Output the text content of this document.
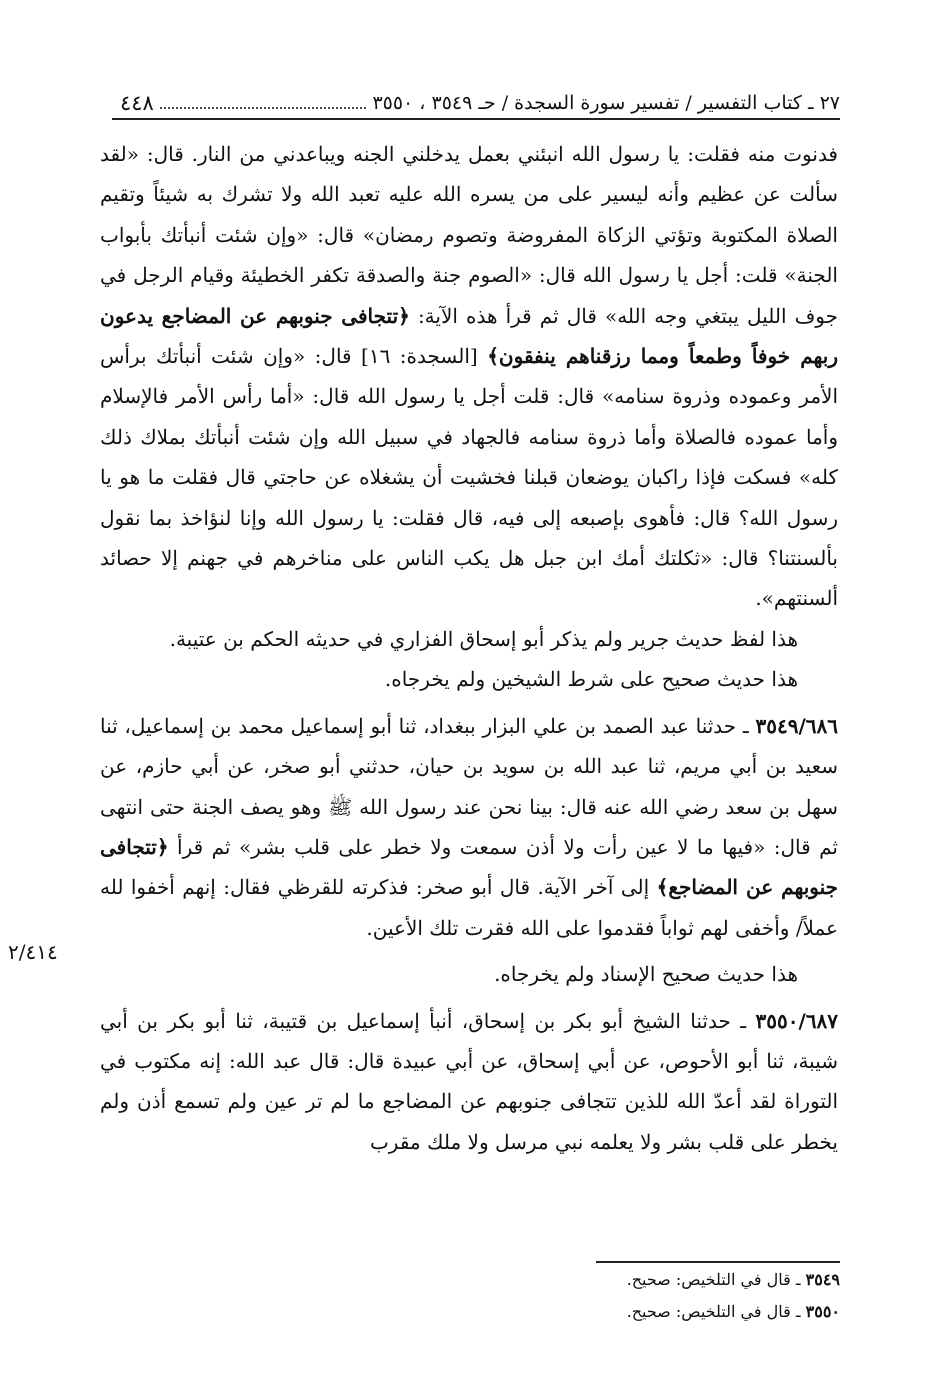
٢٧ ـ كتاب التفسير / تفسير سورة السجدة / حـ ٣٥٤٩ ، ٣٥٥٠
٤٤٨

فدنوت منه فقلت: يا رسول الله انبئني بعمل يدخلني الجنه ويباعدني من النار. قال: «لقد سألت عن عظيم وأنه ليسير على من يسره الله عليه تعبد الله ولا تشرك به شيئاً وتقيم الصلاة المكتوبة وتؤتي الزكاة المفروضة وتصوم رمضان» قال: «وإن شئت أنبأتك بأبواب الجنة» قلت: أجل يا رسول الله قال: «الصوم جنة والصدقة تكفر الخطيئة وقيام الرجل في جوف الليل يبتغي وجه الله» قال ثم قرأ هذه الآية: ﴿تتجافى جنوبهم عن المضاجع يدعون ربهم خوفاً وطمعاً ومما رزقناهم ينفقون﴾ [السجدة: ١٦] قال: «وإن شئت أنبأتك برأس الأمر وعموده وذروة سنامه» قال: قلت أجل يا رسول الله قال: «أما رأس الأمر فالإسلام وأما عموده فالصلاة وأما ذروة سنامه فالجهاد في سبيل الله وإن شئت أنبأتك بملاك ذلك كله» فسكت فإذا راكبان يوضعان قبلنا فخشيت أن يشغلاه عن حاجتي قال فقلت ما هو يا رسول الله؟ قال: فأهوى بإصبعه إلى فيه، قال فقلت: يا رسول الله وإنا لنؤاخذ بما نقول بألسنتنا؟ قال: «ثكلتك أمك ابن جبل هل يكب الناس على مناخرهم في جهنم إلا حصائد ألسنتهم».

هذا لفظ حديث جرير ولم يذكر أبو إسحاق الفزاري في حديثه الحكم بن عتيبة.

هذا حديث صحيح على شرط الشيخين ولم يخرجاه.

٣٥٤٩/٦٨٦ ـ حدثنا عبد الصمد بن علي البزار ببغداد، ثنا أبو إسماعيل محمد بن إسماعيل، ثنا سعيد بن أبي مريم، ثنا عبد الله بن سويد بن حيان، حدثني أبو صخر، عن أبي حازم، عن سهل بن سعد رضي الله عنه قال: بينا نحن عند رسول الله ﷺ وهو يصف الجنة حتى انتهى ثم قال: «فيها ما لا عين رأت ولا أذن سمعت ولا خطر على قلب بشر» ثم قرأ ﴿تتجافى جنوبهم عن المضاجع﴾ إلى آخر الآية. قال أبو صخر: فذكرته للقرظي فقال: إنهم أخفوا لله عملاً/ وأخفى لهم ثواباً فقدموا على الله فقرت تلك الأعين.

هذا حديث صحيح الإسناد ولم يخرجاه.

٣٥٥٠/٦٨٧ ـ حدثنا الشيخ أبو بكر بن إسحاق، أنبأ إسماعيل بن قتيبة، ثنا أبو بكر بن أبي شيبة، ثنا أبو الأحوص، عن أبي إسحاق، عن أبي عبيدة قال: قال عبد الله: إنه مكتوب في التوراة لقد أعدّ الله للذين تتجافى جنوبهم عن المضاجع ما لم تر عين ولم تسمع أذن ولم يخطر على قلب بشر ولا يعلمه نبي مرسل ولا ملك مقرب

٢/٤١٤
٣٥٤٩ ـ قال في التلخيص: صحيح.
٣٥٥٠ ـ قال في التلخيص: صحيح.
